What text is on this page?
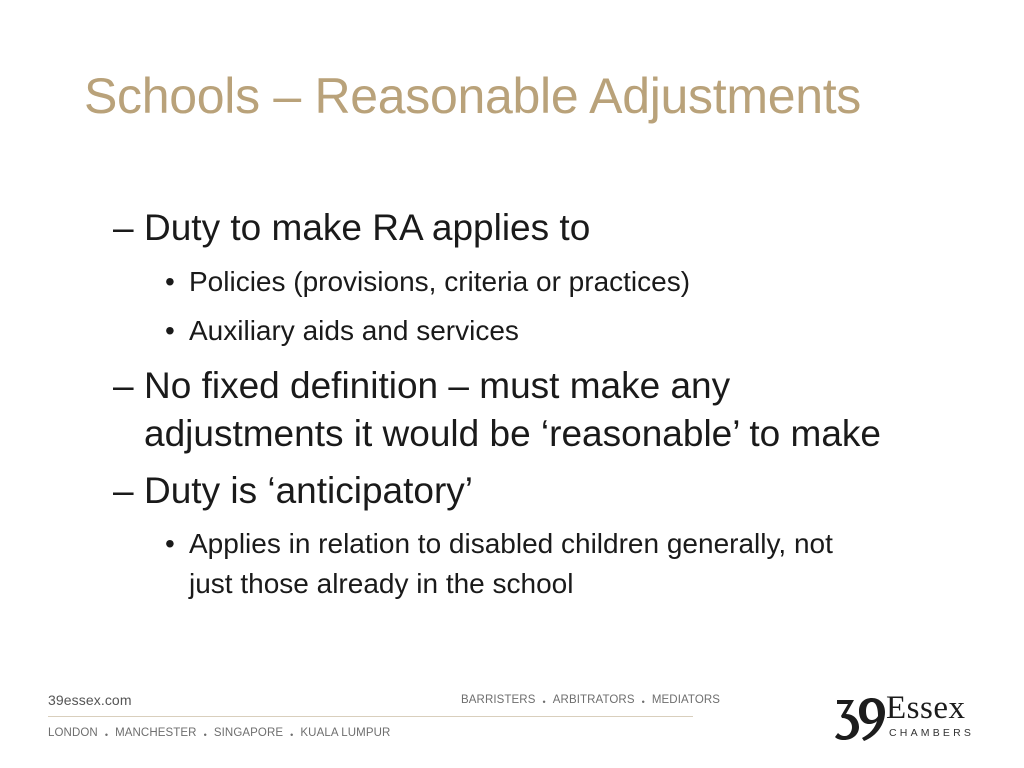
Schools – Reasonable Adjustments
– Duty to make RA applies to
• Policies (provisions, criteria or practices)
• Auxiliary aids and services
– No fixed definition – must make any
adjustments it would be ‘reasonable’ to make
– Duty is ‘anticipatory’
• Applies in relation to disabled children generally, not
just those already in the school
39essex.com	BARRISTERS • ARBITRATORS • MEDIATORS
LONDON • MANCHESTER • SINGAPORE • KUALA LUMPUR
Essex
CHAMBERS
